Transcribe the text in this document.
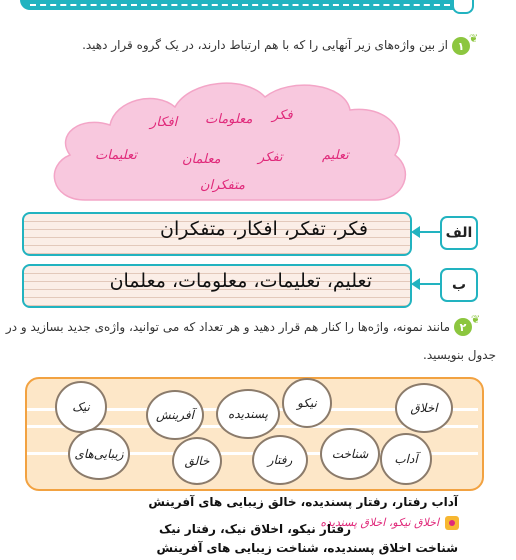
۱
❦
از بین واژه‌های زیر آنهایی را که با هم ارتباط دارند، در یک گروه قرار دهید.
فکر
معلومات
افکار
تعلیم
تفکر
معلمان
تعلیمات
متفکران
فکر، تفکر، افکار، متفکران	الف
تعلیم، تعلیمات، معلومات، معلمان	ب
۲
❦
مانند نمونه، واژه‌ها را کنار هم قرار دهید و هر تعداد که می توانید، واژه‌ی جدید بسازید و در
جدول بنویسید.
اخلاق
نیکو
پسندیده
آفرینش
نیک
آداب
شناخت
رفتار
خالق
زیبایی‌های
اخلاق نیکو، اخلاق پسندیده
آداب رفتار، رفتار پسندیده، خالق زیبایی های آفرینش
رفتار نیکو، اخلاق نیک، رفتار نیک
شناخت اخلاق پسندیده، شناخت زیبایی های آفرینش
